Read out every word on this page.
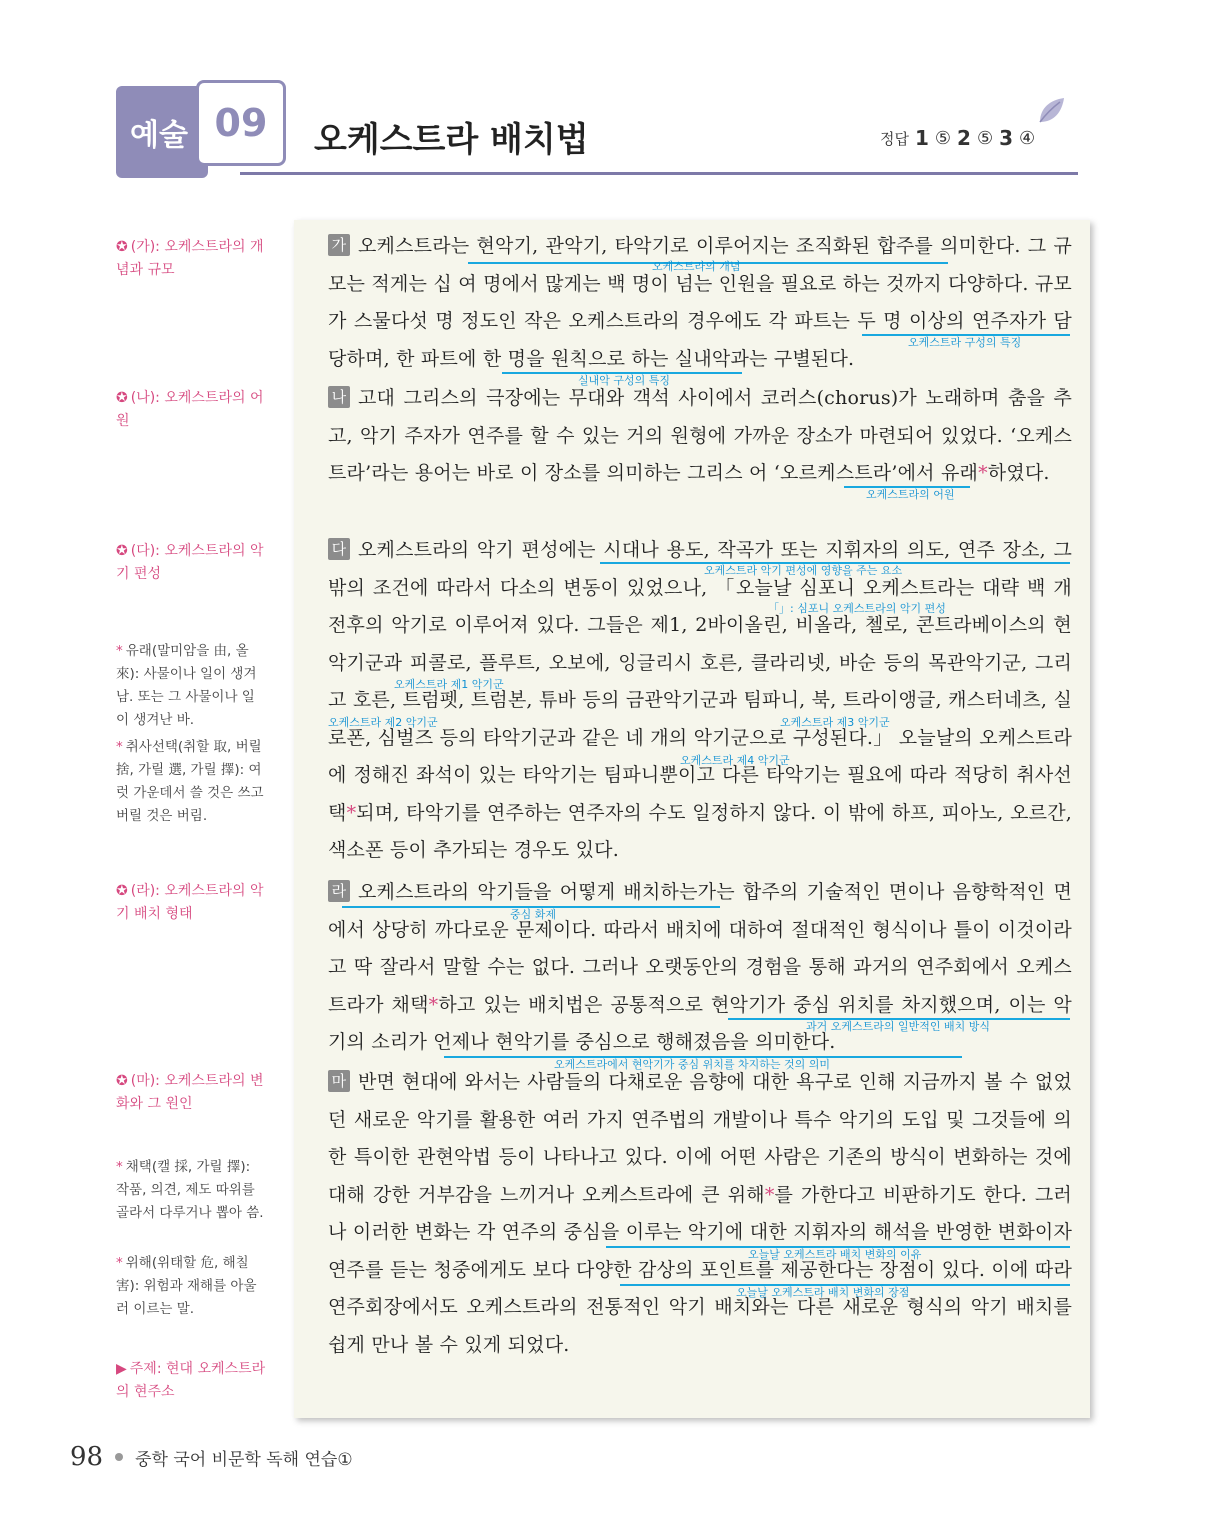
예술 09 오케스트라 배치법	정답 1 ⑤ 2 ⑤ 3 ④
✪ (가): 오케스트라의 개념과 규모
✪ (나): 오케스트라의 어원
✪ (다): 오케스트라의 악기 편성
* 유래(말미암을 由, 올 來): 사물이나 일이 생겨남. 또는 그 사물이나 일이 생겨난 바.
* 취사선택(취할 取, 버릴 捨, 가릴 選, 가릴 擇): 여럿 가운데서 쓸 것은 쓰고 버릴 것은 버림.
✪ (라): 오케스트라의 악기 배치 형태
✪ (마): 오케스트라의 변화와 그 원인
* 채택(캘 採, 가릴 擇): 작품, 의견, 제도 따위를 골라서 다루거나 뽑아 씀.
* 위해(위태할 危, 해칠 害): 위험과 재해를 아울러 이르는 말.
▶ 주제: 현대 오케스트라의 현주소
가 오케스트라는 현악기, 관악기, 타악기로 이루어지는 조직화된 합주를 의미한다. 그 규모는 적게는 십 여 명에서 많게는 백 명이 넘는 인원을 필요로 하는 것까지 다양하다. 규모가 스물다섯 명 정도인 작은 오케스트라의 경우에도 각 파트는 두 명 이상의 연주자가 담당하며, 한 파트에 한 명을 원칙으로 하는 실내악과는 구별된다.
나 고대 그리스의 극장에는 무대와 객석 사이에서 코러스(chorus)가 노래하며 춤을 추고, 악기 주자가 연주를 할 수 있는 거의 원형에 가까운 장소가 마련되어 있었다. ‘오케스트라’라는 용어는 바로 이 장소를 의미하는 그리스 어 ‘오르케스트라’에서 유래*하였다.
다 오케스트라의 악기 편성에는 시대나 용도, 작곡가 또는 지휘자의 의도, 연주 장소, 그 밖의 조건에 따라서 다소의 변동이 있었으나, 「오늘날 심포니 오케스트라는 대략 백 개 전후의 악기로 이루어져 있다. 그들은 제1, 2바이올린, 비올라, 첼로, 콘트라베이스의 현악기군과 피콜로, 플루트, 오보에, 잉글리시 호른, 클라리넷, 바순 등의 목관악기군, 그리고 호른, 트럼펫, 트럼본, 튜바 등의 금관악기군과 팀파니, 북, 트라이앵글, 캐스터네츠, 실로폰, 심벌즈 등의 타악기군과 같은 네 개의 악기군으로 구성된다.」 오늘날의 오케스트라에 정해진 좌석이 있는 타악기는 팀파니뿐이고 다른 타악기는 필요에 따라 적당히 취사선택*되며, 타악기를 연주하는 연주자의 수도 일정하지 않다. 이 밖에 하프, 피아노, 오르간, 색소폰 등이 추가되는 경우도 있다.
라 오케스트라의 악기들을 어떻게 배치하는가는 합주의 기술적인 면이나 음향학적인 면에서 상당히 까다로운 문제이다. 따라서 배치에 대하여 절대적인 형식이나 틀이 이것이라고 딱 잘라서 말할 수는 없다. 그러나 오랫동안의 경험을 통해 과거의 연주회에서 오케스트라가 채택*하고 있는 배치법은 공통적으로 현악기가 중심 위치를 차지했으며, 이는 악기의 소리가 언제나 현악기를 중심으로 행해졌음을 의미한다.
마 반면 현대에 와서는 사람들의 다채로운 음향에 대한 욕구로 인해 지금까지 볼 수 없었던 새로운 악기를 활용한 여러 가지 연주법의 개발이나 특수 악기의 도입 및 그것들에 의한 특이한 관현악법 등이 나타나고 있다. 이에 어떤 사람은 기존의 방식이 변화하는 것에 대해 강한 거부감을 느끼거나 오케스트라에 큰 위해*를 가한다고 비판하기도 한다. 그러나 이러한 변화는 각 연주의 중심을 이루는 악기에 대한 지휘자의 해석을 반영한 변화이자 연주를 듣는 청중에게도 보다 다양한 감상의 포인트를 제공한다는 장점이 있다. 이에 따라 연주회장에서도 오케스트라의 전통적인 악기 배치와는 다른 새로운 형식의 악기 배치를 쉽게 만나 볼 수 있게 되었다.
오케스트라의 개념
오케스트라 구성의 특징
실내악 구성의 특징
오케스트라의 어원
오케스트라 악기 편성에 영향을 주는 요소
「」: 심포니 오케스트라의 악기 편성
오케스트라 제1 악기군
오케스트라 제2 악기군	오케스트라 제3 악기군
오케스트라 제4 악기군
중심 화제
과거 오케스트라의 일반적인 배치 방식
오케스트라에서 현악기가 중심 위치를 차지하는 것의 의미
오늘날 오케스트라 배치 변화의 이유
오늘날 오케스트라 배치 변화의 장점
98 중학 국어 비문학 독해 연습①
